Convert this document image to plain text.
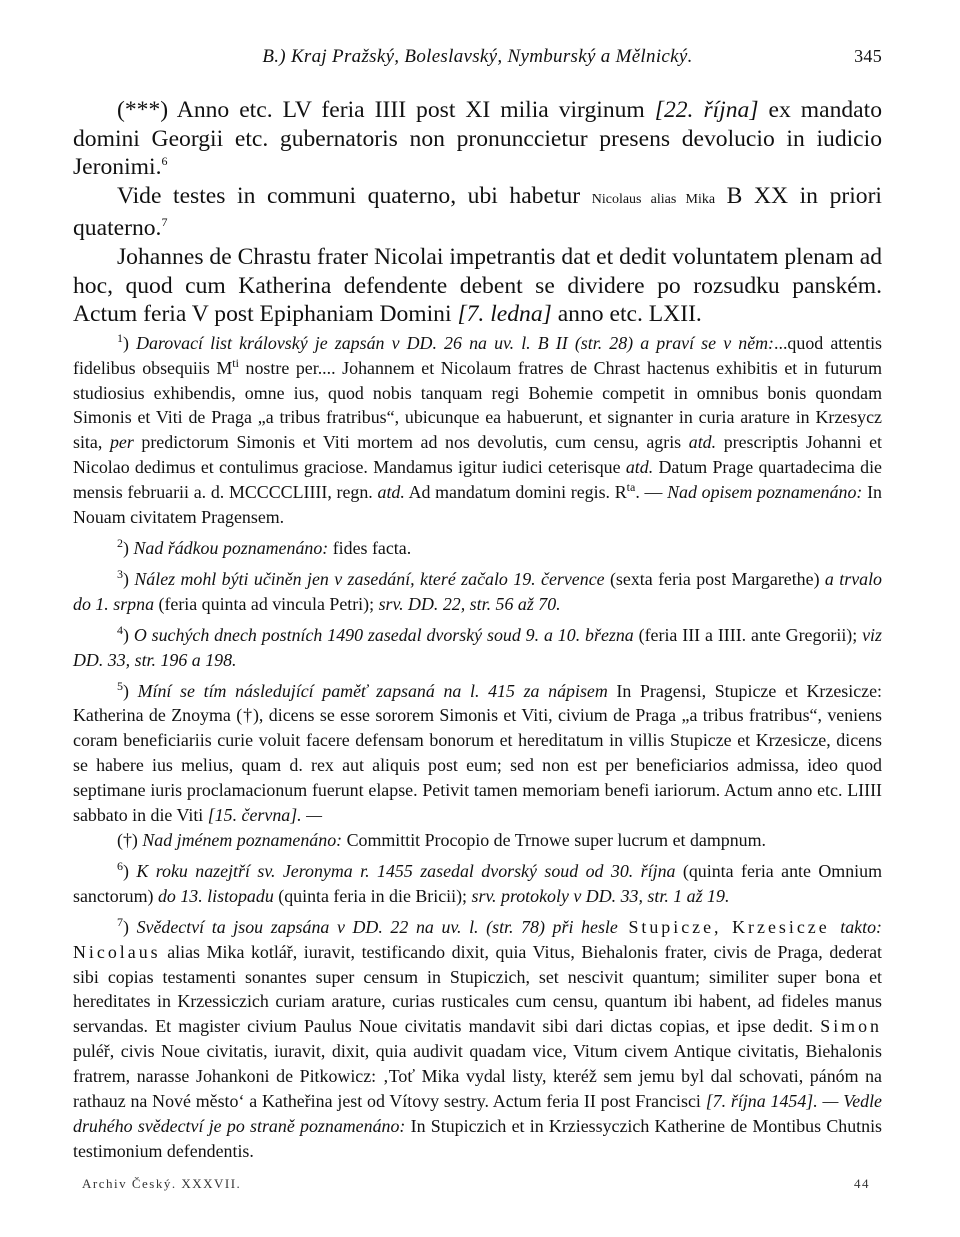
B.) Kraj Pražský, Boleslavský, Nymburský a Mělnický.	345

(***) Anno etc. LV feria IIII post XI milia virginum [22. října] ex mandato domini Georgii etc. gubernatoris non pronunccietur presens devolucio in iudicio Jeronimi.$^6$

Vide testes in communi quaterno, ubi habetur Nicolaus alias Mika B XX in priori quaterno.$^7$

Johannes de Chrastu frater Nicolai impetrantis dat et dedit voluntatem plenam ad hoc, quod cum Katherina defendente debent se dividere po rozsudku panském. Actum feria V post Epiphaniam Domini [7. ledna] anno etc. LXII.

$^1$) Darovací list královský je zapsán v DD. 26 na uv. l. B II (str. 28) a praví se v něm:...quod attentis fidelibus obsequiis M$^{ti}$ nostre per.... Johannem et Nicolaum fratres de Chrast hactenus exhibitis et in futurum studiosius exhibendis, omne ius, quod nobis tanquam regi Bohemie competit in omnibus bonis quondam Simonis et Viti de Praga „a tribus fratribus“, ubicunque ea habuerunt, et signanter in curia arature in Krzesycz sita, per predictorum Simonis et Viti mortem ad nos devolutis, cum censu, agris atd. prescriptis Johanni et Nicolao dedimus et contulimus graciose. Mandamus igitur iudici ceterisque atd. Datum Prage quartadecima die mensis februarii a. d. MCCCCLIIII, regn. atd. Ad mandatum domini regis. R$^{ta}$. — Nad opisem poznamenáno: In Nouam civitatem Pragensem.

$^2$) Nad řádkou poznamenáno: fides facta.

$^3$) Nález mohl býti učiněn jen v zasedání, které začalo 19. července (sexta feria post Margarethe) a trvalo do 1. srpna (feria quinta ad vincula Petri); srv. DD. 22, str. 56 až 70.

$^4$) O suchých dnech postních 1490 zasedal dvorský soud 9. a 10. března (feria III a IIII. ante Gregorii); viz DD. 33, str. 196 a 198.

$^5$) Míní se tím následující paměť zapsaná na l. 415 za nápisem In Pragensi, Stupicze et Krzesicze: Katherina de Znoyma (†), dicens se esse sororem Simonis et Viti, civium de Praga „a tribus fratribus“, veniens coram beneficiariis curie voluit facere defensam bonorum et hereditatum in villis Stupicze et Krzesicze, dicens se habere ius melius, quam d. rex aut aliquis post eum; sed non est per beneficiarios admissa, ideo quod septimane iuris proclamacionum fuerunt elapse. Petivit tamen memoriam benefi iariorum. Actum anno etc. LIIII sabbato in die Viti [15. června]. —

(†) Nad jménem poznamenáno: Committit Procopio de Trnowe super lucrum et dampnum.

$^6$) K roku nazejtří sv. Jeronyma r. 1455 zasedal dvorský soud od 30. října (quinta feria ante Omnium sanctorum) do 13. listopadu (quinta feria in die Bricii); srv. protokoly v DD. 33, str. 1 až 19.

$^7$) Svědectví ta jsou zapsána v DD. 22 na uv. l. (str. 78) při hesle Stupicze, Krzesicze takto: Nicolaus alias Mika kotlář, iuravit, testificando dixit, quia Vitus, Biehalonis frater, civis de Praga, dederat sibi copias testamenti sonantes super censum in Stupiczich, set nescivit quantum; similiter super bona et hereditates in Krzessiczich curiam arature, curias rusticales cum censu, quantum ibi habent, ad fideles manus servandas. Et magister civium Paulus Noue civitatis mandavit sibi dari dictas copias, et ipse dedit. Simon puléř, civis Noue civitatis, iuravit, dixit, quia audivit quadam vice, Vitum civem Antique civitatis, Biehalonis fratrem, narasse Johankoni de Pitkowicz: ‚Toť Mika vydal listy, kteréž sem jemu byl dal schovati, pánóm na rathauz na Nové město‘ a Katheřina jest od Vítovy sestry. Actum feria II post Francisci [7. října 1454]. — Vedle druhého svědectví je po straně poznamenáno: In Stupiczich et in Krziessyczich Katherine de Montibus Chutnis testimonium defendentis.

Archiv Český. XXXVII.	44
